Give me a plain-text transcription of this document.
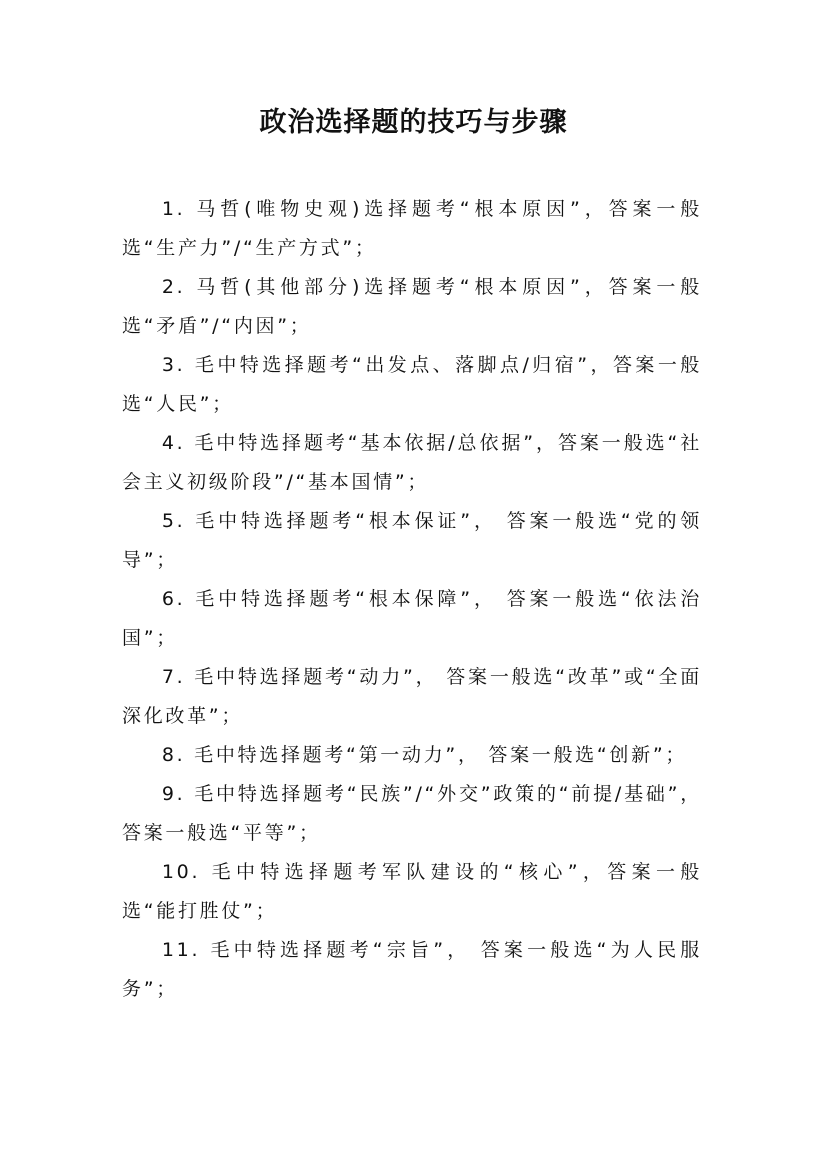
政治选择题的技巧与步骤
1. 马哲(唯物史观)选择题考“根本原因”，答案一般选“生产力”/“生产方式”；
2. 马哲(其他部分)选择题考“根本原因”，答案一般选“矛盾”/“内因”；
3. 毛中特选择题考“出发点、落脚点/归宿”，答案一般选“人民”；
4. 毛中特选择题考“基本依据/总依据”，答案一般选“社会主义初级阶段”/“基本国情”；
5. 毛中特选择题考“根本保证”， 答案一般选“党的领导”；
6. 毛中特选择题考“根本保障”， 答案一般选“依法治国”；
7. 毛中特选择题考“动力”， 答案一般选“改革”或“全面深化改革”；
8. 毛中特选择题考“第一动力”， 答案一般选“创新”；
9. 毛中特选择题考“民族”/“外交”政策的“前提/基础”，答案一般选“平等”；
10. 毛中特选择题考军队建设的“核心”，答案一般选“能打胜仗”；
11. 毛中特选择题考“宗旨”， 答案一般选“为人民服务”；
